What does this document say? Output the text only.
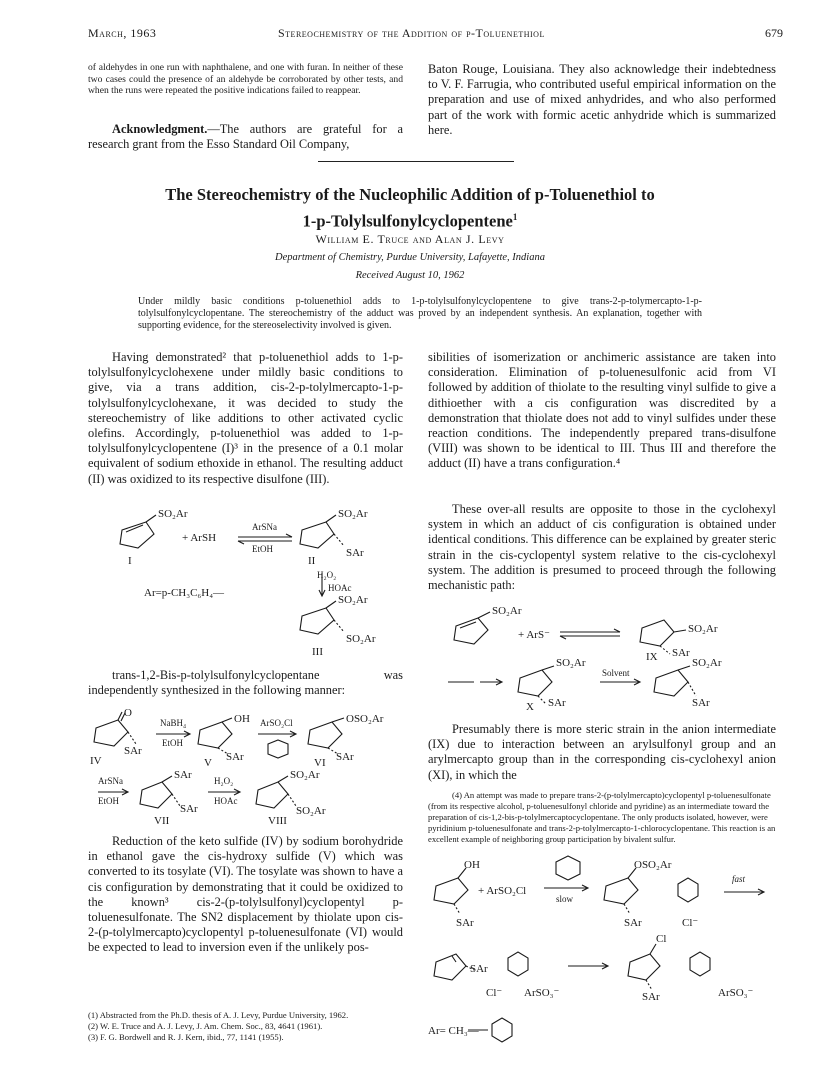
March, 1963	Stereochemistry of the Addition of p-Toluenethiol	679

of aldehydes in one run with naphthalene, and one with furan. In neither of these two cases could the presence of an aldehyde be corroborated by other tests, and when the runs were repeated the positive indications failed to reappear.

Acknowledgment.—The authors are grateful for a research grant from the Esso Standard Oil Company,

Baton Rouge, Louisiana. They also acknowledge their indebtedness to V. F. Farrugia, who contributed useful empirical information on the preparation and use of mixed anhydrides, and who also performed part of the work with formic acetic anhydride which is summarized here.

The Stereochemistry of the Nucleophilic Addition of p-Toluenethiol to
1-p-Tolylsulfonylcyclopentene$^1$
William E. Truce and Alan J. Levy
Department of Chemistry, Purdue University, Lafayette, Indiana
Received August 10, 1962
Under mildly basic conditions p-toluenethiol adds to 1-p-tolylsulfonylcyclopentene to give trans-2-p-tolymercapto-1-p-tolylsulfonylcyclopentane. The stereochemistry of the adduct was proved by an independent synthesis. An explanation, together with supporting evidence, for the stereoselectivity involved is given.

Having demonstrated² that p-toluenethiol adds to 1-p-tolylsulfonylcyclohexene under mildly basic conditions to give, via a trans addition, cis-2-p-tolylmercapto-1-p-tolylsulfonylcyclohexane, it was decided to study the stereochemistry of like additions to other activated cyclic olefins. Accordingly, p-toluenethiol was added to 1-p-tolylsulfonylcyclopentene (I)³ in the presence of a 0.1 molar equivalent of sodium ethoxide in ethanol. The resulting adduct (II) was oxidized to its respective disulfone (III).

SO₂Ar
+ ArSH
ArSNa
EtOH
SO₂Ar
SAr
I	II
H₂O₂
HOAc
Ar=p-CH₃C₆H₄—
SO₂Ar
SO₂Ar
III

trans-1,2-Bis-p-tolylsulfonylcyclopentane was independently synthesized in the following manner:

O
SAr
NaBH₄
EtOH
OH
SAr
ArSO₂Cl	OSO₂Ar
SAr
IV	V	VI
ArSNa
EtOH
SAr
SAr
H₂O₂
HOAc
SO₂Ar
SO₂Ar
VII	VIII

Reduction of the keto sulfide (IV) by sodium borohydride in ethanol gave the cis-hydroxy sulfide (V) which was converted to its tosylate (VI). The tosylate was shown to have a cis configuration by demonstrating that it could be oxidized to the known³ cis-2-(p-tolylsulfonyl)cyclopentyl p-toluenesulfonate. The SN2 displacement by thiolate upon cis-2-(p-tolylmercapto)cyclopentyl p-toluenesulfonate (VI) would be expected to lead to inversion even if the unlikely pos-

(1) Abstracted from the Ph.D. thesis of A. J. Levy, Purdue University, 1962.

(2) W. E. Truce and A. J. Levy, J. Am. Chem. Soc., 83, 4641 (1961).

(3) F. G. Bordwell and R. J. Kern, ibid., 77, 1141 (1955).

sibilities of isomerization or anchimeric assistance are taken into consideration. Elimination of p-toluenesulfonic acid from VI followed by addition of thiolate to the resulting vinyl sulfide to give a dithioether with a cis configuration was discredited by a demonstration that thiolate does not add to vinyl sulfides under these reaction conditions. The independently prepared trans-disulfone (VIII) was shown to be identical to III. Thus III and therefore the adduct (II) have a trans configuration.⁴

These over-all results are opposite to those in the cyclohexyl system in which an adduct of cis configuration is obtained under identical conditions. This difference can be explained by greater steric strain in the cis-cyclopentyl system relative to the cis-cyclohexyl system. The addition is presumed to proceed through the following mechanistic path:

SO₂Ar
+ ArS⁻	SO₂Ar
SAr
IX
SO₂Ar
SAr
X
Solvent
SO₂Ar
SAr

Presumably there is more steric strain in the anion intermediate (IX) due to interaction between an arylsulfonyl group and an arylmercapto group than in the corresponding cis-cyclohexyl anion (XI), in which the

(4) An attempt was made to prepare trans-2-(p-tolylmercapto)cyclopentyl p-toluenesulfonate (from its respective alcohol, p-toluenesulfonyl chloride and pyridine) as an intermediate toward the preparation of cis-1,2-bis-p-tolylmercaptocyclopentane. The only products isolated, however, were pyridinium p-toluenesulfonate and trans-2-p-tolylmercapto-1-chlorocyclopentane. This reaction is an excellent example of neighboring group participation by bivalent sulfur.

OH
+ ArSO₂Cl
slow
SAr
OSO₂Ar
SAr	Cl⁻
fast
SAr
Cl⁻ ArSO₃⁻
Cl
SAr	ArSO₃⁻
Ar= CH₃—
